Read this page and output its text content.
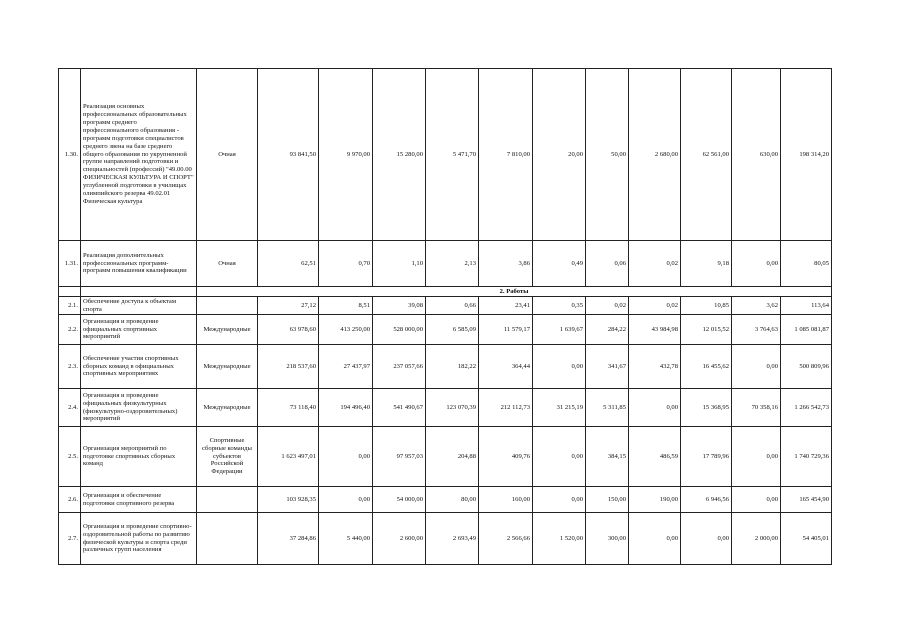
1.30.	Реализация основных профессиональных образовательных программ среднего профессионального образования - программ подготовки специалистов среднего звена на базе среднего общего образования по укрупненной группе направлений подготовки и специальностей (профессий) "49.00.00 ФИЗИЧЕСКАЯ КУЛЬТУРА И СПОРТ" углубленной подготовки в училищах олимпийского резерва 49.02.01 Физическая культура	Очная	93 841,50	9 970,00	15 280,00	5 471,70	7 810,00	20,00	50,00	2 680,00	62 561,00	630,00	198 314,20
1.31.	Реализация дополнительных профессиональных программ-программ повышения квалификации	Очная	62,51	0,70	1,10	2,13	3,86	0,49	0,06	0,02	9,18	0,00	80,05
		2. Работы											
2.1.	Обеспечение доступа к объектам спорта		27,12	8,51	39,08	0,66	23,41	0,35	0,02	0,02	10,85	3,62	113,64
2.2.	Организация и проведение официальных спортивных мероприятий	Международные	63 978,60	413 250,00	528 000,00	6 585,09	11 579,17	1 639,67	284,22	43 984,98	12 015,52	3 764,63	1 085 081,87
2.3.	Обеспечение участия спортивных сборных команд в официальных спортивных мероприятиях	Международные	218 537,60	27 437,97	237 057,66	182,22	364,44	0,00	341,67	432,78	16 455,62	0,00	500 809,96
2.4.	Организация и проведение официальных физкультурных (физкультурно-оздоровительных) мероприятий	Международные	73 118,40	194 496,40	541 490,67	123 070,39	212 112,73	31 215,19	5 311,85	0,00	15 368,95	70 358,16	1 266 542,73
2.5.	Организация мероприятий по подготовке спортивных сборных команд	Спортивные сборные команды субъектов Российской Федерации	1 623 497,01	0,00	97 957,03	204,88	409,76	0,00	384,15	486,59	17 789,96	0,00	1 740 729,36
2.6.	Организация и обеспечение подготовки спортивного резерва		103 928,35	0,00	54 000,00	80,00	160,00	0,00	150,00	190,00	6 946,56	0,00	165 454,90
2.7.	Организация и проведение спортивно-оздоровительной работы по развитию физической культуры и спорта среди различных групп населения		37 284,86	5 440,00	2 600,00	2 693,49	2 566,66	1 520,00	300,00	0,00	0,00	2 000,00	54 405,01
